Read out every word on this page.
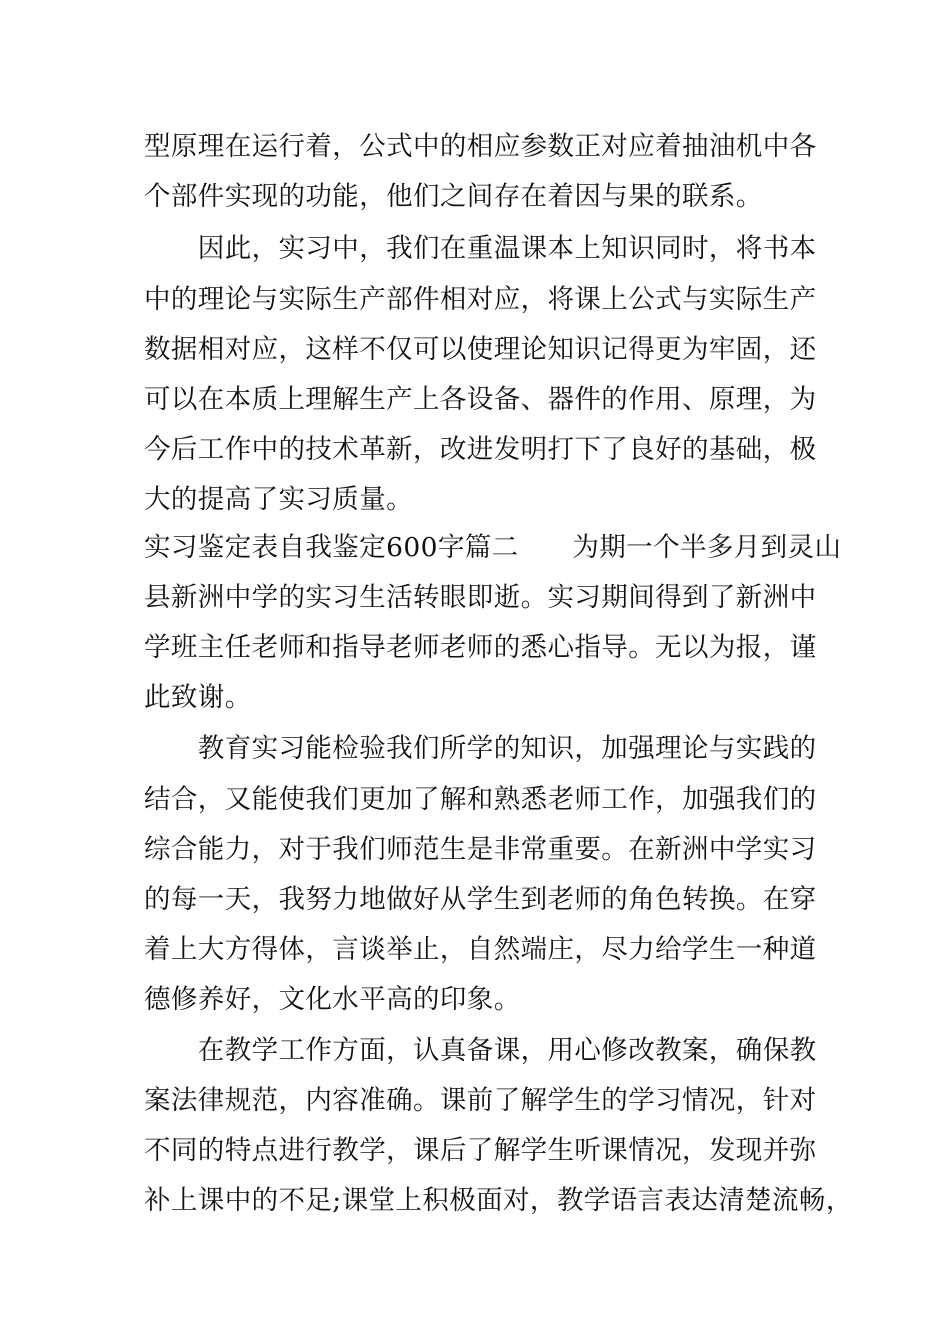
型原理在运行着，公式中的相应参数正对应着抽油机中各
个部件实现的功能，他们之间存在着因与果的联系。
　　因此，实习中，我们在重温课本上知识同时，将书本
中的理论与实际生产部件相对应，将课上公式与实际生产
数据相对应，这样不仅可以使理论知识记得更为牢固，还
可以在本质上理解生产上各设备、器件的作用、原理，为
今后工作中的技术革新，改进发明打下了良好的基础，极
大的提高了实习质量。
实习鉴定表自我鉴定600字篇二　　为期一个半多月到灵山
县新洲中学的实习生活转眼即逝。实习期间得到了新洲中
学班主任老师和指导老师老师的悉心指导。无以为报，谨
此致谢。
　　教育实习能检验我们所学的知识，加强理论与实践的
结合，又能使我们更加了解和熟悉老师工作，加强我们的
综合能力，对于我们师范生是非常重要。在新洲中学实习
的每一天，我努力地做好从学生到老师的角色转换。在穿
着上大方得体，言谈举止，自然端庄，尽力给学生一种道
德修养好，文化水平高的印象。
　　在教学工作方面，认真备课，用心修改教案，确保教
案法律规范，内容准确。课前了解学生的学习情况，针对
不同的特点进行教学，课后了解学生听课情况，发现并弥
补上课中的不足;课堂上积极面对，教学语言表达清楚流畅，
